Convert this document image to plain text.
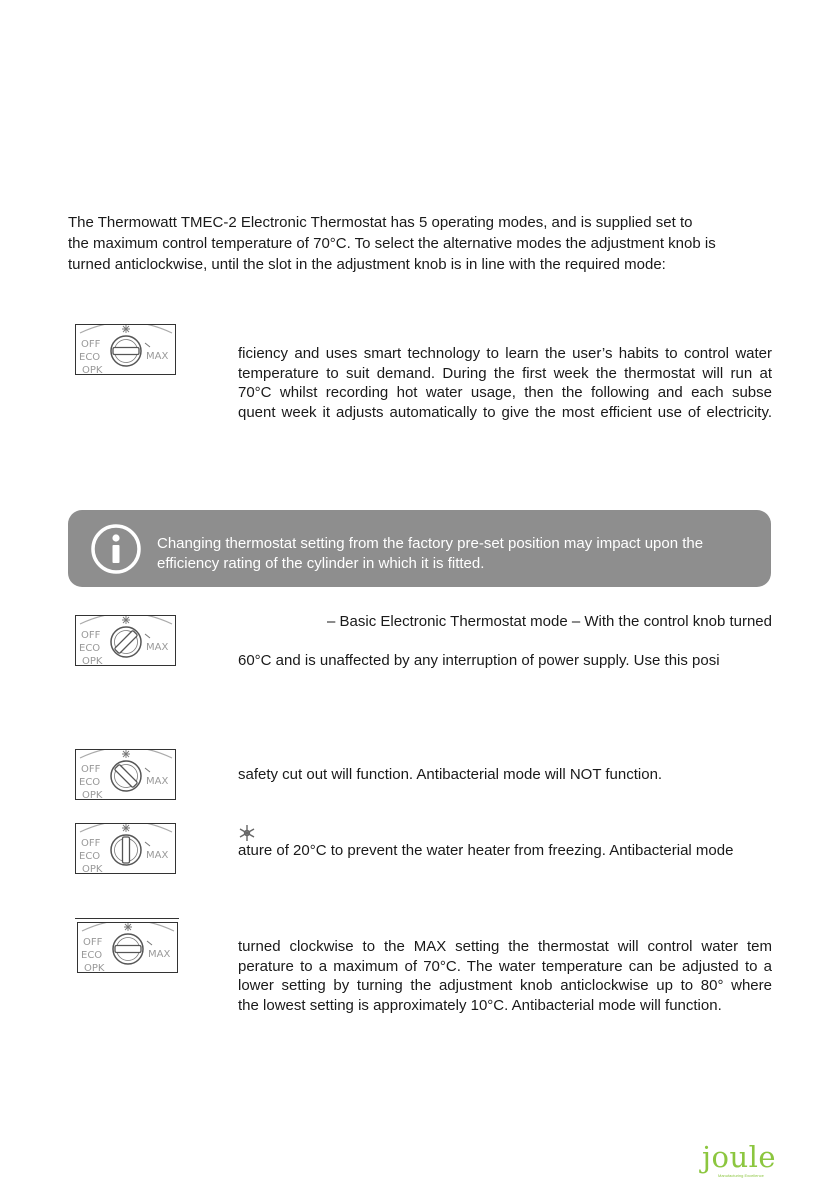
The Thermowatt TMEC-2 Electronic Thermostat has 5 operating modes, and is supplied set to
the maximum control temperature of 70°C. To select the alternative modes the adjustment knob is
turned anticlockwise, until the slot in the adjustment knob is in line with the required mode:

OFF
ECO
OPK
MAX	ficiency and uses smart technology to learn the user’s habits to control water
temperature to suit demand. During the first week the thermostat will run at
70°C whilst recording hot water usage, then the following and each subse
quent week it adjusts automatically to give the most efficient use of electricity.

Changing thermostat setting from the factory pre-set position may impact upon the
efficiency rating of the cylinder in which it is fitted.

OFF
ECO
OPK
MAX

– Basic Electronic Thermostat mode – With the control knob turned
60°C and is unaffected by any interruption of power supply. Use this posi

OFF
ECO
OPK
MAX	safety cut out will function. Antibacterial mode will NOT function.

OFF
ECO
OPK
MAX	ature of 20°C to prevent the water heater from freezing. Antibacterial mode

OFF
ECO
OPK
MAX	turned clockwise to the MAX setting the thermostat will control water tem
perature to a maximum of 70°C. The water temperature can be adjusted to a
lower setting by turning the adjustment knob anticlockwise up to 80° where
the lowest setting is approximately 10°C. Antibacterial mode will function.

joule
Manufacturing Excellence
